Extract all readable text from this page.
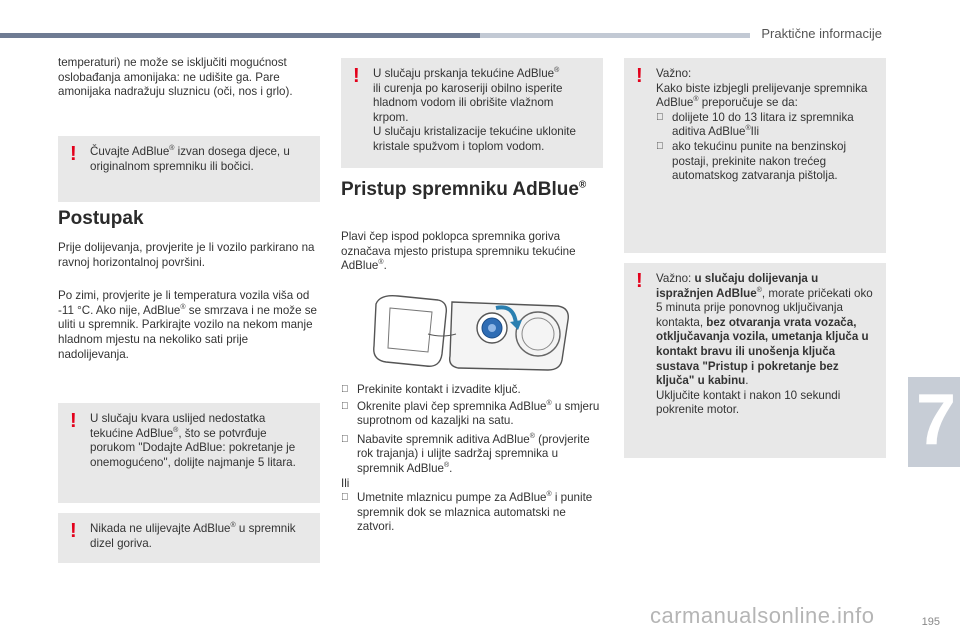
Praktične informacije

temperaturi) ne može se isključiti mogućnost oslobađanja amonijaka: ne udišite ga. Pare amonijaka nadražuju sluznicu (oči, nos i grlo).

! Čuvajte AdBlue® izvan dosega djece, u originalnom spremniku ili bočici.

Postupak

Prije dolijevanja, provjerite je li vozilo parkirano na ravnoj horizontalnoj površini.

Po zimi, provjerite je li temperatura vozila viša od -11 °C. Ako nije, AdBlue® se smrzava i ne može se uliti u spremnik. Parkirajte vozilo na nekom manje hladnom mjestu na nekoliko sati prije nadolijevanja.

! U slučaju kvara uslijed nedostatka tekućine AdBlue®, što se potvrđuje porukom "Dodajte AdBlue: pokretanje je onemogućeno", dolijte najmanje 5 litara.

! Nikada ne ulijevajte AdBlue® u spremnik dizel goriva.

! U slučaju prskanja tekućine AdBlue®
ili curenja po karoseriji obilno isperite hladnom vodom ili obrišite vlažnom krpom.
U slučaju kristalizacije tekućine uklonite kristale spužvom i toplom vodom.

Pristup spremniku AdBlue®

Plavi čep ispod poklopca spremnika goriva označava mjesto pristupa spremniku tekućine AdBlue®.

Prekinite kontakt i izvadite ključ.
Okrenite plavi čep spremnika AdBlue® u smjeru suprotnom od kazaljki na satu.
Nabavite spremnik aditiva AdBlue® (provjerite rok trajanja) i ulijte sadržaj spremnika u spremnik AdBlue®.

Ili

Umetnite mlaznicu pumpe za AdBlue® i punite spremnik dok se mlaznica automatski ne zatvori.
! Važno:

Kako biste izbjegli prelijevanje spremnika AdBlue® preporučuje se da:

dolijete 10 do 13 litara iz spremnika aditiva AdBlue®Ili
ako tekućinu punite na benzinskoj postaji, prekinite nakon trećeg automatskog zatvaranja pištolja.
! Važno: u slučaju dolijevanja u ispražnjen AdBlue®, morate pričekati oko 5 minuta prije ponovnog uključivanja kontakta, bez otvaranja vrata vozača, otključavanja vozila, umetanja ključa u kontakt bravu ili unošenja ključa sustava "Pristup i pokretanje bez ključa" u kabinu.

Uključite kontakt i nakon 10 sekundi pokrenite motor.	7
carmanualsonline.info	195
